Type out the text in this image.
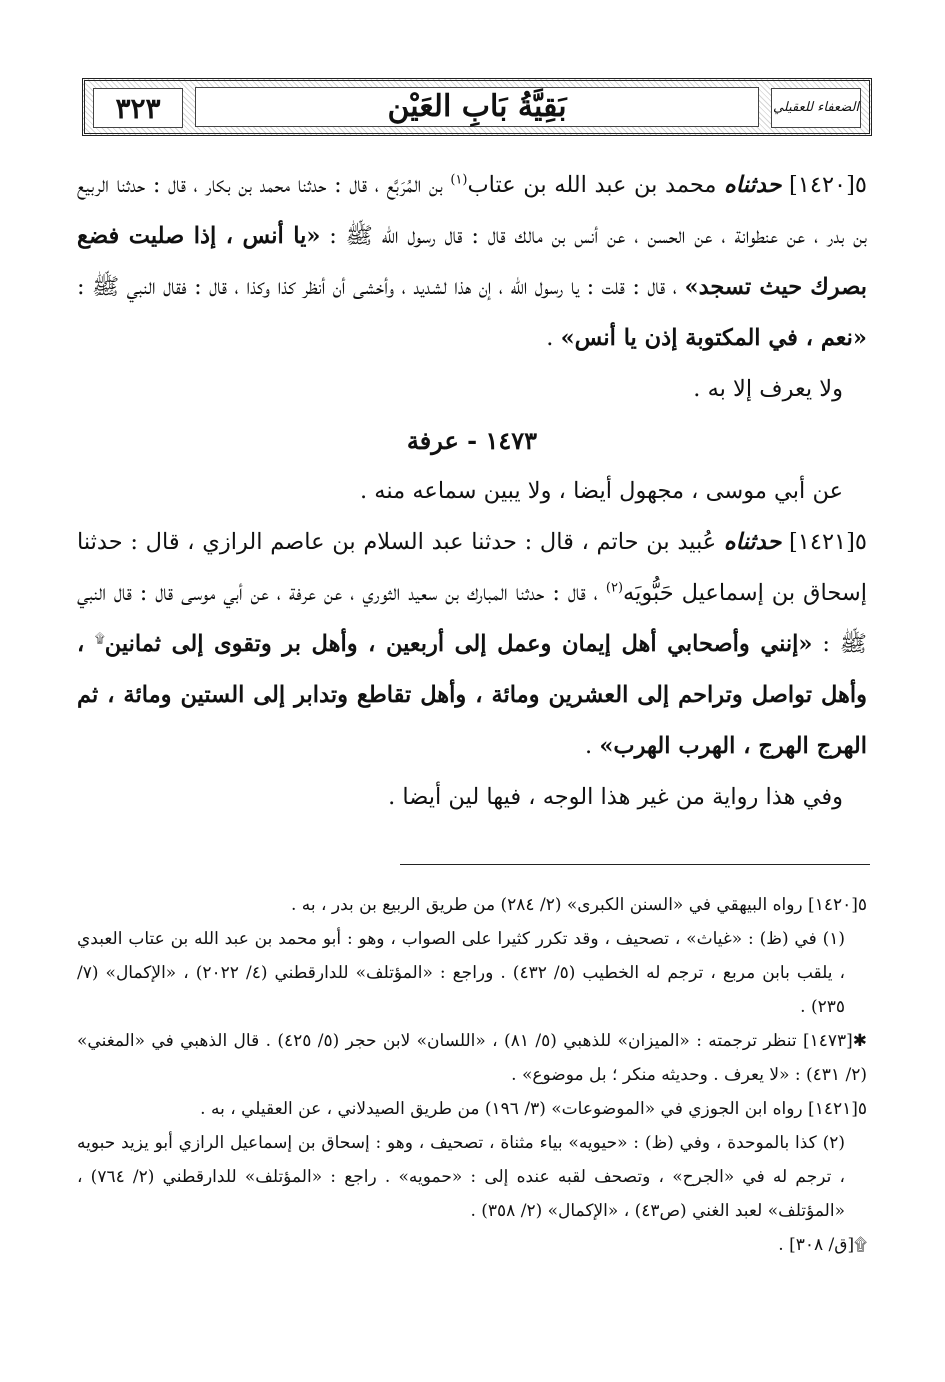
الضعفاء للعقيلي
بَقِيَّةُ بَابِ العَيْن
٣٢٣

٥[١٤٢٠] حدثناه محمد بن عبد الله بن عتاب$^{(١)}$ بن المُرَبَّع ، قال : حدثنا محمد بن بكار ، قال : حدثنا الربيع بن بدر ، عن عنطوانة ، عن الحسن ، عن أنس بن مالك قال : قال رسول الله ﷺ : «يا أنس ، إذا صليت فضع بصرك حيث تسجد» ، قال : قلت : يا رسول الله ، إن هذا لشديد ، وأخشى أن أنظر كذا وكذا ، قال : فقال النبي ﷺ : «نعم ، في المكتوبة إذن يا أنس» .

ولا يعرف إلا به .

١٤٧٣ - عرفة

عن أبي موسى ، مجهول أيضا ، ولا يبين سماعه منه .

٥[١٤٢١] حدثناه عُبيد بن حاتم ، قال : حدثنا عبد السلام بن عاصم الرازي ، قال : حدثنا إسحاق بن إسماعيل حَبُّويَه$^{(٢)}$ ، قال : حدثنا المبارك بن سعيد الثوري ، عن عرفة ، عن أبي موسى قال : قال النبي ﷺ : «إنني وأصحابي أهل إيمان وعمل إلى أربعين ، وأهل بر وتقوى إلى ثمانين۩ ، وأهل تواصل وتراحم إلى العشرين ومائة ، وأهل تقاطع وتدابر إلى الستين ومائة ، ثم الهرج الهرج ، الهرب الهرب» .

وفي هذا رواية من غير هذا الوجه ، فيها لين أيضا .

٥[١٤٢٠] رواه البيهقي في «السنن الكبرى» (٢/ ٢٨٤) من طريق الربيع بن بدر ، به .

(١) في (ظ) : «غياث» ، تصحيف ، وقد تكرر كثيرا على الصواب ، وهو : أبو محمد بن عبد الله بن عتاب العبدي ، يلقب بابن مربع ، ترجم له الخطيب (٥/ ٤٣٢) . وراجع : «المؤتلف» للدارقطني (٤/ ٢٠٢٢) ، «الإكمال» (٧/ ٢٣٥) .

✱[١٤٧٣] تنظر ترجمته : «الميزان» للذهبي (٥/ ٨١) ، «اللسان» لابن حجر (٥/ ٤٢٥) . قال الذهبي في «المغني» (٢/ ٤٣١) : «لا يعرف . وحديثه منكر ؛ بل موضوع» .

٥[١٤٢١] رواه ابن الجوزي في «الموضوعات» (٣/ ١٩٦) من طريق الصيدلاني ، عن العقيلي ، به .

(٢) كذا بالموحدة ، وفي (ظ) : «حيويه» بياء مثناة ، تصحيف ، وهو : إسحاق بن إسماعيل الرازي أبو يزيد حبويه ، ترجم له في «الجرح» ، وتصحف لقبه عنده إلى : «حمويه» . راجع : «المؤتلف» للدارقطني (٢/ ٧٦٤) ، «المؤتلف» لعبد الغني (ص٤٣) ، «الإكمال» (٢/ ٣٥٨) .

۩[ق/ ٣٠٨] .
